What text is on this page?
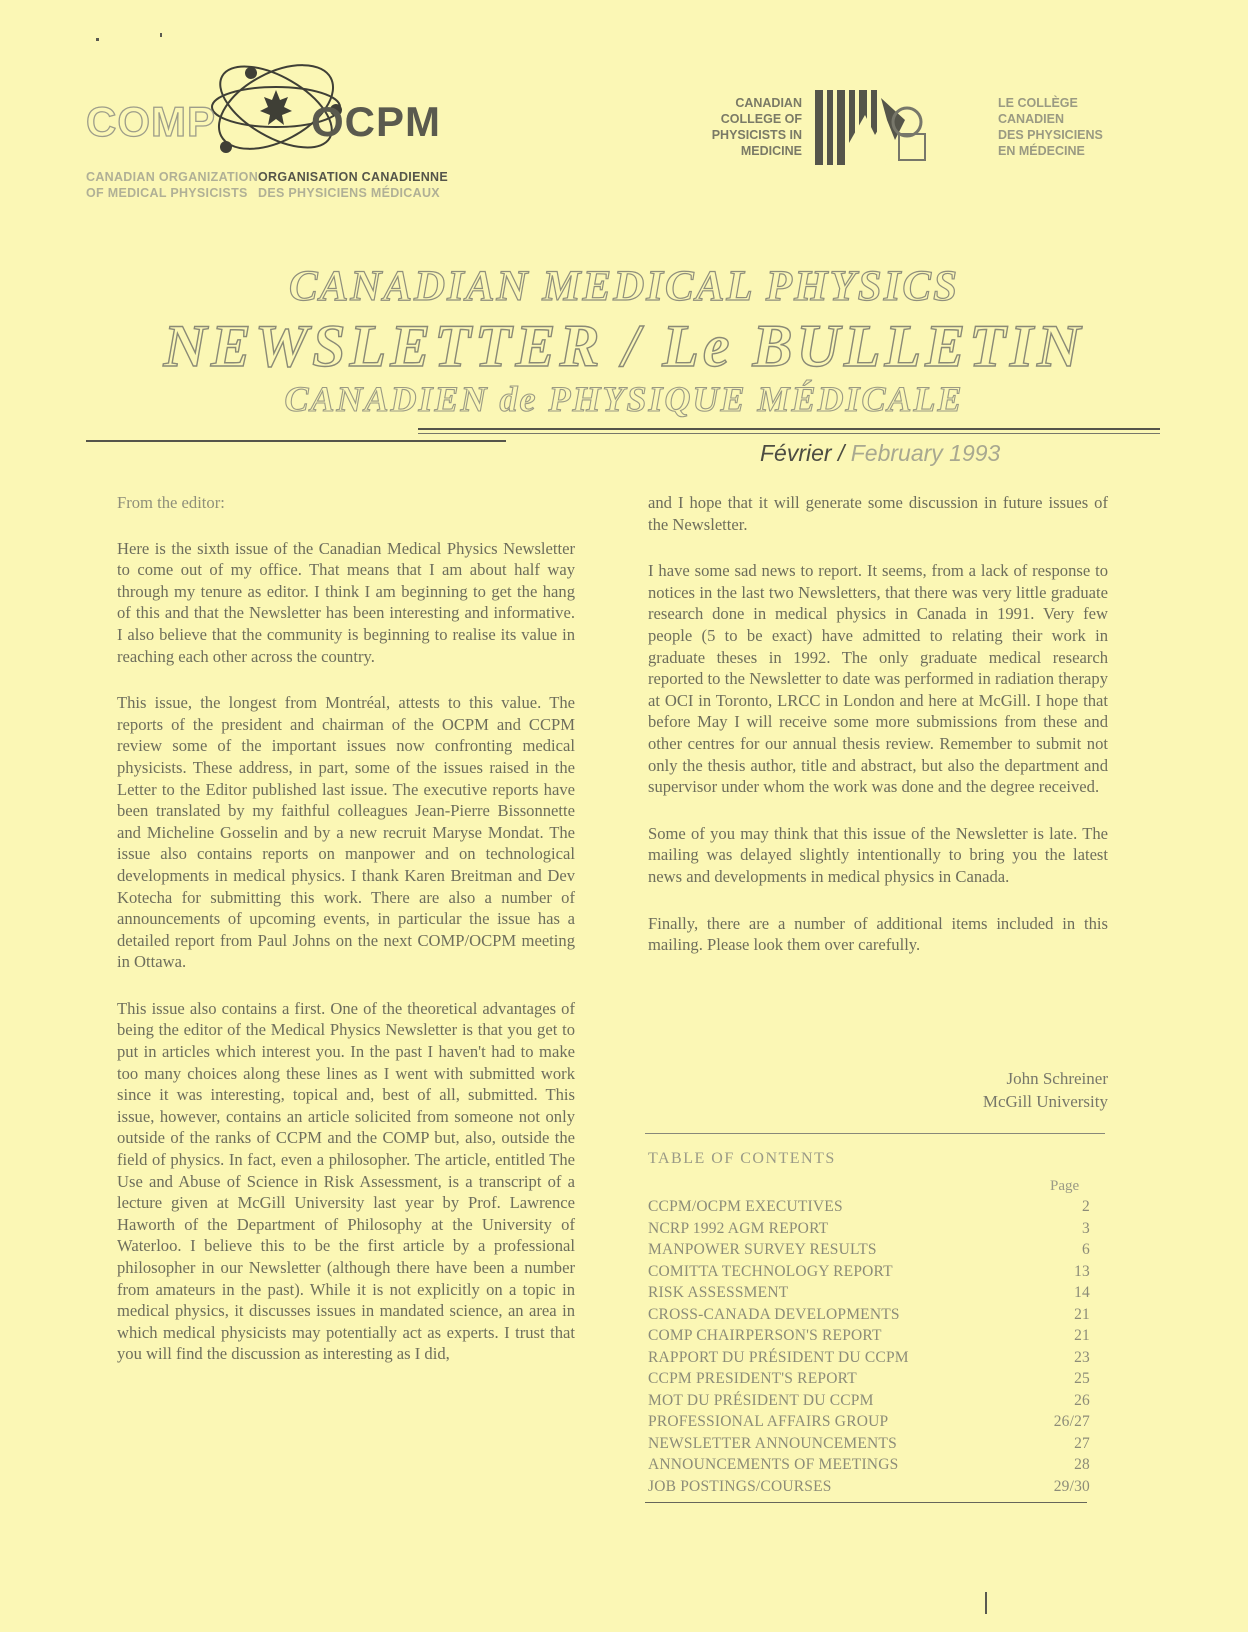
COMP OCPM
CANADIAN ORGANIZATION
OF MEDICAL PHYSICISTS
ORGANISATION CANADIENNE
DES PHYSICIENS MÉDICAUX
CANADIAN
COLLEGE OF
PHYSICISTS IN
MEDICINE
LE COLLÈGE
CANADIEN
DES PHYSICIENS
EN MÉDECINE
CANADIAN MEDICAL PHYSICS
NEWSLETTER / Le BULLETIN
CANADIEN de PHYSIQUE MÉDICALE
Février / February 1993

From the editor:

Here is the sixth issue of the Canadian Medical Physics Newsletter to come out of my office. That means that I am about half way through my tenure as editor. I think I am beginning to get the hang of this and that the Newsletter has been interesting and informative. I also believe that the community is beginning to realise its value in reaching each other across the country.

This issue, the longest from Montréal, attests to this value. The reports of the president and chairman of the OCPM and CCPM review some of the important issues now confronting medical physicists. These address, in part, some of the issues raised in the Letter to the Editor published last issue. The executive reports have been translated by my faithful colleagues Jean-Pierre Bissonnette and Micheline Gosselin and by a new recruit Maryse Mondat. The issue also contains reports on manpower and on technological developments in medical physics. I thank Karen Breitman and Dev Kotecha for submitting this work. There are also a number of announcements of upcoming events, in particular the issue has a detailed report from Paul Johns on the next COMP/OCPM meeting in Ottawa.

This issue also contains a first. One of the theoretical advantages of being the editor of the Medical Physics Newsletter is that you get to put in articles which interest you. In the past I haven't had to make too many choices along these lines as I went with submitted work since it was interesting, topical and, best of all, submitted. This issue, however, contains an article solicited from someone not only outside of the ranks of CCPM and the COMP but, also, outside the field of physics. In fact, even a philosopher. The article, entitled The Use and Abuse of Science in Risk Assessment, is a transcript of a lecture given at McGill University last year by Prof. Lawrence Haworth of the Department of Philosophy at the University of Waterloo. I believe this to be the first article by a professional philosopher in our Newsletter (although there have been a number from amateurs in the past). While it is not explicitly on a topic in medical physics, it discusses issues in mandated science, an area in which medical physicists may potentially act as experts. I trust that you will find the discussion as interesting as I did,

and I hope that it will generate some discussion in future issues of the Newsletter.

I have some sad news to report. It seems, from a lack of response to notices in the last two Newsletters, that there was very little graduate research done in medical physics in Canada in 1991. Very few people (5 to be exact) have admitted to relating their work in graduate theses in 1992. The only graduate medical research reported to the Newsletter to date was performed in radiation therapy at OCI in Toronto, LRCC in London and here at McGill. I hope that before May I will receive some more submissions from these and other centres for our annual thesis review. Remember to submit not only the thesis author, title and abstract, but also the department and supervisor under whom the work was done and the degree received.

Some of you may think that this issue of the Newsletter is late. The mailing was delayed slightly intentionally to bring you the latest news and developments in medical physics in Canada.

Finally, there are a number of additional items included in this mailing. Please look them over carefully.

John Schreiner
McGill University
TABLE OF CONTENTS
Page
CCPM/OCPM EXECUTIVES	2
NCRP 1992 AGM REPORT	3
MANPOWER SURVEY RESULTS	6
COMITTA TECHNOLOGY REPORT	13
RISK ASSESSMENT	14
CROSS-CANADA DEVELOPMENTS	21
COMP CHAIRPERSON'S REPORT	21
RAPPORT DU PRÉSIDENT DU CCPM	23
CCPM PRESIDENT'S REPORT	25
MOT DU PRÉSIDENT DU CCPM	26
PROFESSIONAL AFFAIRS GROUP	26/27
NEWSLETTER ANNOUNCEMENTS	27
ANNOUNCEMENTS OF MEETINGS	28
JOB POSTINGS/COURSES	29/30
